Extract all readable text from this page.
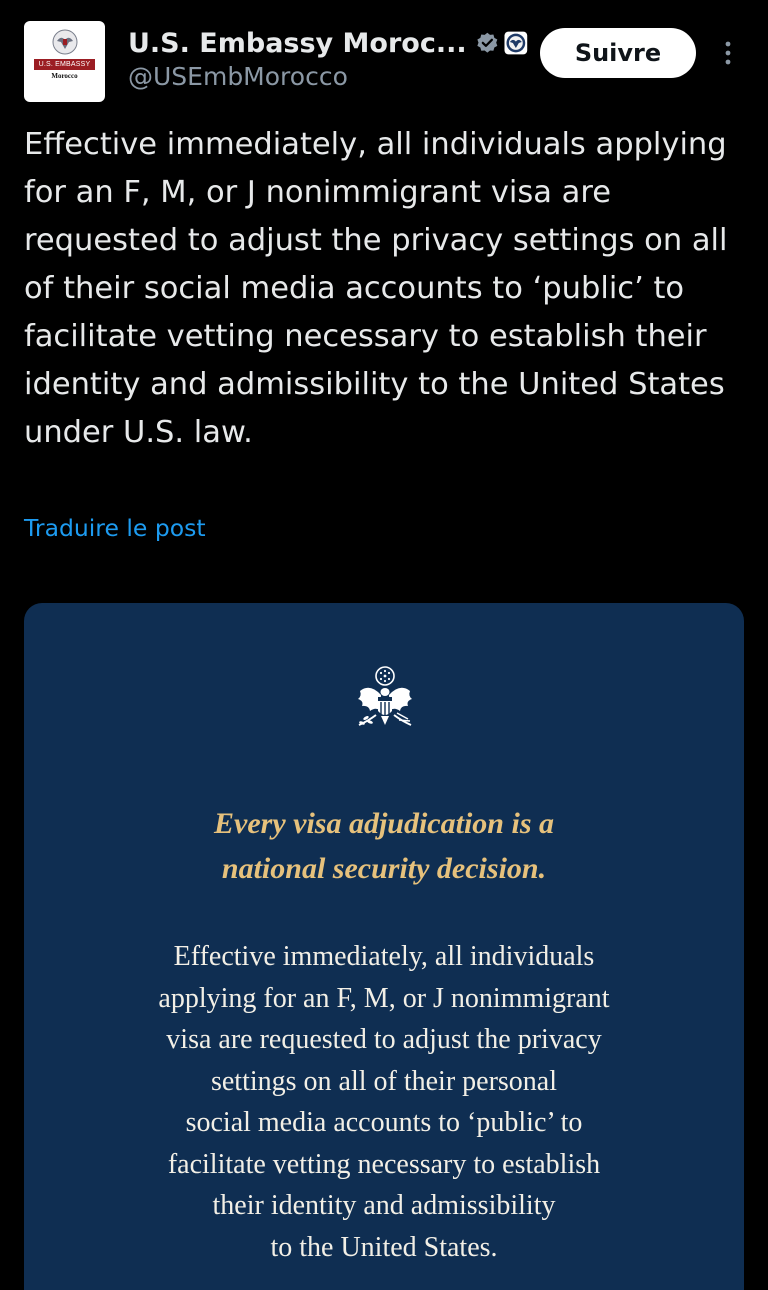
U.S. EMBASSY
Morocco
U.S. Embassy Moroc...
@USEmbMorocco
Suivre

Effective immediately, all individuals applying for an F, M, or J nonimmigrant visa are requested to adjust the privacy settings on all of their social media accounts to ‘public’ to facilitate vetting necessary to establish their identity and admissibility to the United States under U.S. law.

Traduire le post

Every visa adjudication is a
national security decision.

Effective immediately, all individuals
applying for an F, M, or J nonimmigrant
visa are requested to adjust the privacy
settings on all of their personal
social media accounts to ‘public’ to
facilitate vetting necessary to establish
their identity and admissibility
to the United States.
